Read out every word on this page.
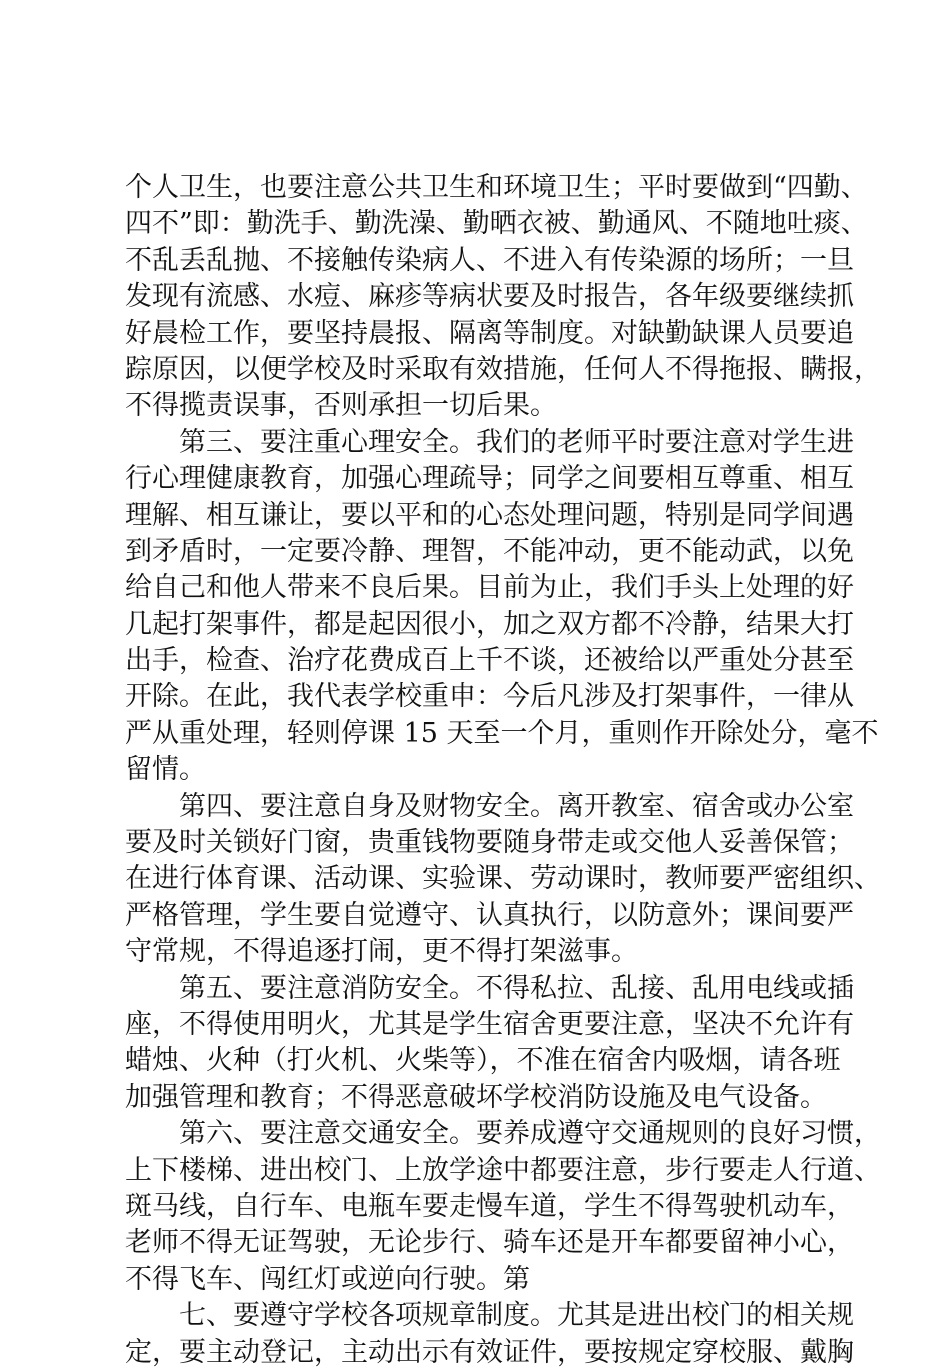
个人卫生，也要注意公共卫生和环境卫生；平时要做到“四勤、
四不”即：勤洗手、勤洗澡、勤晒衣被、勤通风、不随地吐痰、
不乱丢乱抛、不接触传染病人、不进入有传染源的场所；一旦
发现有流感、水痘、麻疹等病状要及时报告，各年级要继续抓
好晨检工作，要坚持晨报、隔离等制度。对缺勤缺课人员要追
踪原因，以便学校及时采取有效措施，任何人不得拖报、瞒报，
不得揽责误事，否则承担一切后果。
　　第三、要注重心理安全。我们的老师平时要注意对学生进
行心理健康教育，加强心理疏导；同学之间要相互尊重、相互
理解、相互谦让，要以平和的心态处理问题，特别是同学间遇
到矛盾时，一定要冷静、理智，不能冲动，更不能动武，以免
给自己和他人带来不良后果。目前为止，我们手头上处理的好
几起打架事件，都是起因很小，加之双方都不冷静，结果大打
出手，检查、治疗花费成百上千不谈，还被给以严重处分甚至
开除。在此，我代表学校重申：今后凡涉及打架事件，一律从
严从重处理，轻则停课 15 天至一个月，重则作开除处分，毫不
留情。
　　第四、要注意自身及财物安全。离开教室、宿舍或办公室
要及时关锁好门窗，贵重钱物要随身带走或交他人妥善保管；
在进行体育课、活动课、实验课、劳动课时，教师要严密组织、
严格管理，学生要自觉遵守、认真执行，以防意外；课间要严
守常规，不得追逐打闹，更不得打架滋事。
　　第五、要注意消防安全。不得私拉、乱接、乱用电线或插
座，不得使用明火，尤其是学生宿舍更要注意，坚决不允许有
蜡烛、火种（打火机、火柴等），不准在宿舍内吸烟，请各班
加强管理和教育；不得恶意破坏学校消防设施及电气设备。
　　第六、要注意交通安全。要养成遵守交通规则的良好习惯，
上下楼梯、进出校门、上放学途中都要注意，步行要走人行道、
斑马线，自行车、电瓶车要走慢车道，学生不得驾驶机动车，
老师不得无证驾驶，无论步行、骑车还是开车都要留神小心，
不得飞车、闯红灯或逆向行驶。第
　　七、要遵守学校各项规章制度。尤其是进出校门的相关规
定，要主动登记，主动出示有效证件，要按规定穿校服、戴胸
